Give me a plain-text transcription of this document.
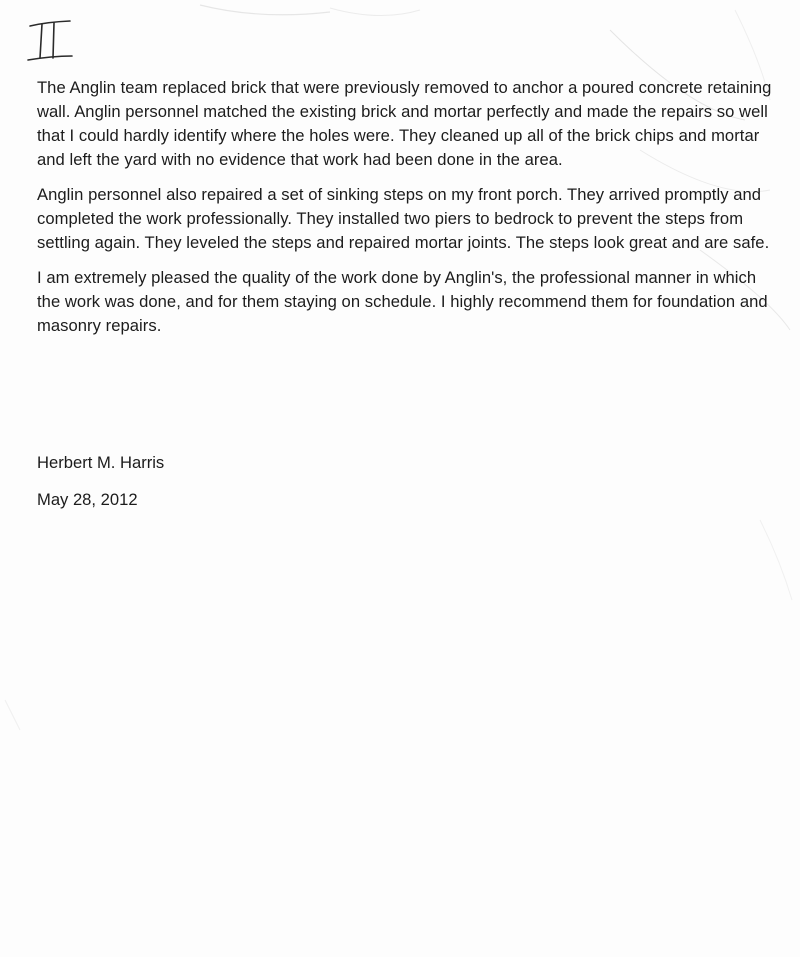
The Anglin team replaced brick that were previously removed to anchor a poured concrete retaining wall. Anglin personnel matched the existing brick and mortar perfectly and made the repairs so well that I could hardly identify where the holes were. They cleaned up all of the brick chips and mortar and left the yard with no evidence that work had been done in the area.

Anglin personnel also repaired a set of sinking steps on my front porch. They arrived promptly and completed the work professionally. They installed two piers to bedrock to prevent the steps from settling again. They leveled the steps and repaired mortar joints. The steps look great and are safe.

I am extremely pleased the quality of the work done by Anglin's, the professional manner in which the work was done, and for them staying on schedule. I highly recommend them for foundation and masonry repairs.

Herbert M. Harris
May 28, 2012
